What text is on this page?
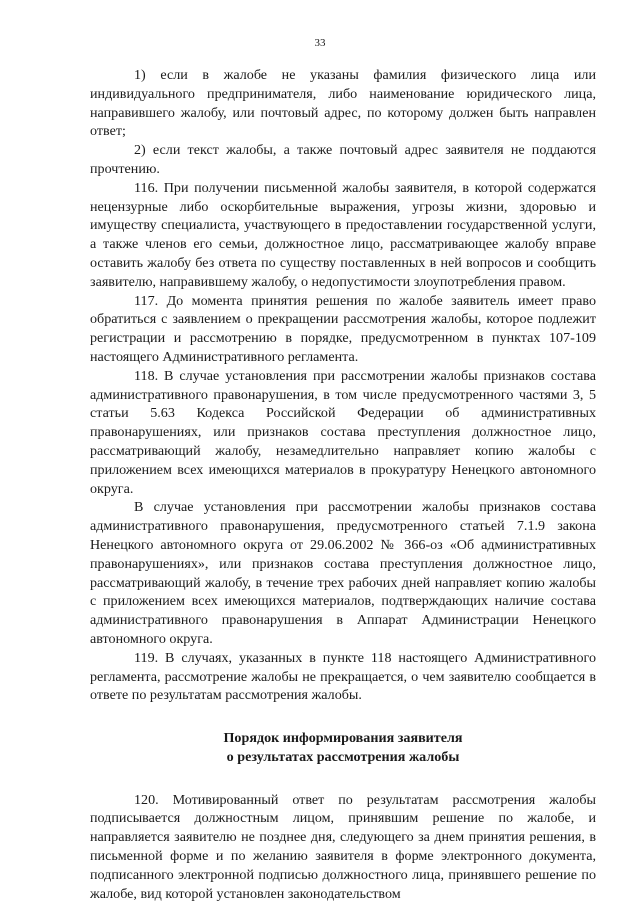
33

1) если в жалобе не указаны фамилия физического лица или индивидуального предпринимателя, либо наименование юридического лица, направившего жалобу, или почтовый адрес, по которому должен быть направлен ответ;

2) если текст жалобы, а также почтовый адрес заявителя не поддаются прочтению.

116. При получении письменной жалобы заявителя, в которой содержатся нецензурные либо оскорбительные выражения, угрозы жизни, здоровью и имуществу специалиста, участвующего в предоставлении государственной услуги, а также членов его семьи, должностное лицо, рассматривающее жалобу вправе оставить жалобу без ответа по существу поставленных в ней вопросов и сообщить заявителю, направившему жалобу, о недопустимости злоупотребления правом.

117. До момента принятия решения по жалобе заявитель имеет право обратиться с заявлением о прекращении рассмотрения жалобы, которое подлежит регистрации и рассмотрению в порядке, предусмотренном в пунктах 107-109 настоящего Административного регламента.

118. В случае установления при рассмотрении жалобы признаков состава административного правонарушения, в том числе предусмотренного частями 3, 5 статьи 5.63 Кодекса Российской Федерации об административных правонарушениях, или признаков состава преступления должностное лицо, рассматривающий жалобу, незамедлительно направляет копию жалобы с приложением всех имеющихся материалов в прокуратуру Ненецкого автономного округа.

В случае установления при рассмотрении жалобы признаков состава административного правонарушения, предусмотренного статьей 7.1.9 закона Ненецкого автономного округа от 29.06.2002 № 366-оз «Об административных правонарушениях», или признаков состава преступления должностное лицо, рассматривающий жалобу, в течение трех рабочих дней направляет копию жалобы с приложением всех имеющихся материалов, подтверждающих наличие состава административного правонарушения в Аппарат Администрации Ненецкого автономного округа.

119. В случаях, указанных в пункте 118 настоящего Административного регламента, рассмотрение жалобы не прекращается, о чем заявителю сообщается в ответе по результатам рассмотрения жалобы.

Порядок информирования заявителя
о результатах рассмотрения жалобы

120. Мотивированный ответ по результатам рассмотрения жалобы подписывается должностным лицом, принявшим решение по жалобе, и направляется заявителю не позднее дня, следующего за днем принятия решения, в письменной форме и по желанию заявителя в форме электронного документа, подписанного электронной подписью должностного лица, принявшего решение по жалобе, вид которой установлен законодательством
